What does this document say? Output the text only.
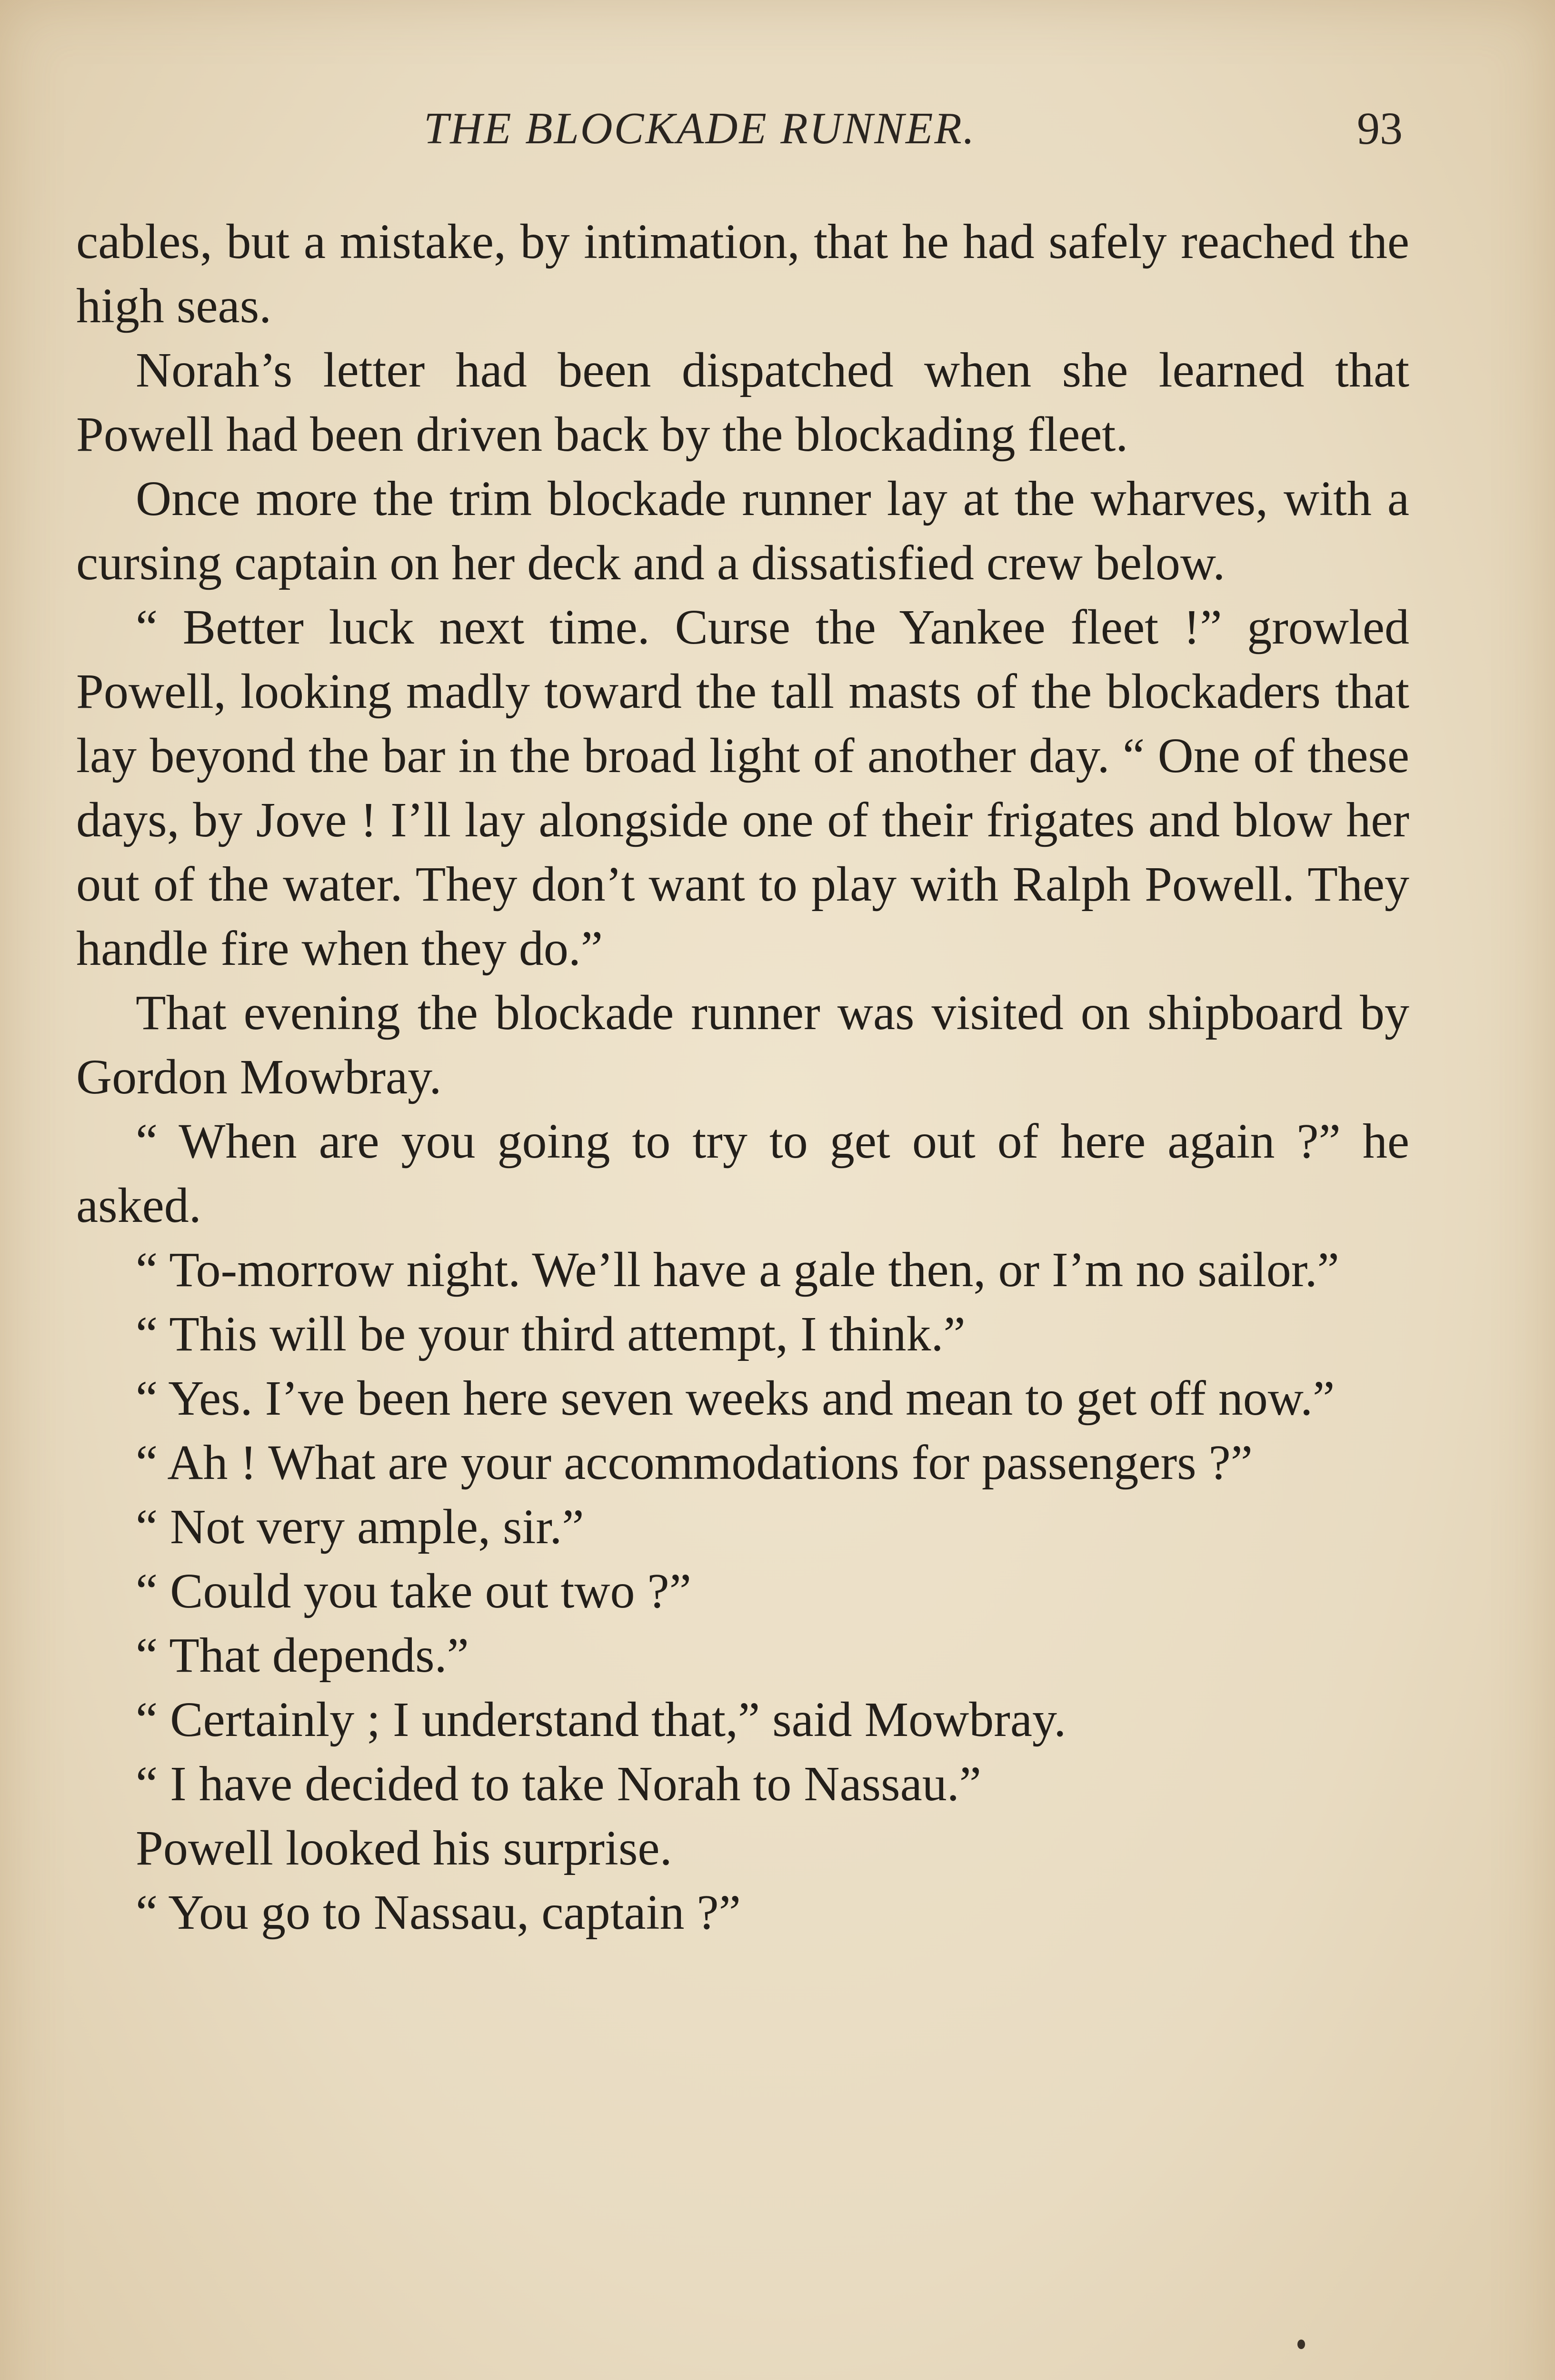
THE BLOCKADE RUNNER.	93

cables, but a mistake, by intimation, that he had safely reached the high seas.

Norah’s letter had been dispatched when she learned that Powell had been driven back by the blockading fleet.

Once more the trim blockade runner lay at the wharves, with a cursing captain on her deck and a dissatisfied crew below.

“ Better luck next time. Curse the Yankee fleet !” growled Powell, looking madly toward the tall masts of the blockaders that lay beyond the bar in the broad light of another day. “ One of these days, by Jove ! I’ll lay alongside one of their frigates and blow her out of the water. They don’t want to play with Ralph Powell. They handle fire when they do.”

That evening the blockade runner was visited on shipboard by Gordon Mowbray.

“ When are you going to try to get out of here again ?” he asked.

“ To-morrow night. We’ll have a gale then, or I’m no sailor.”

“ This will be your third attempt, I think.”

“ Yes. I’ve been here seven weeks and mean to get off now.”

“ Ah ! What are your accommodations for passengers ?”

“ Not very ample, sir.”

“ Could you take out two ?”

“ That depends.”

“ Certainly ; I understand that,” said Mowbray.

“ I have decided to take Norah to Nassau.”

Powell looked his surprise.

“ You go to Nassau, captain ?”
